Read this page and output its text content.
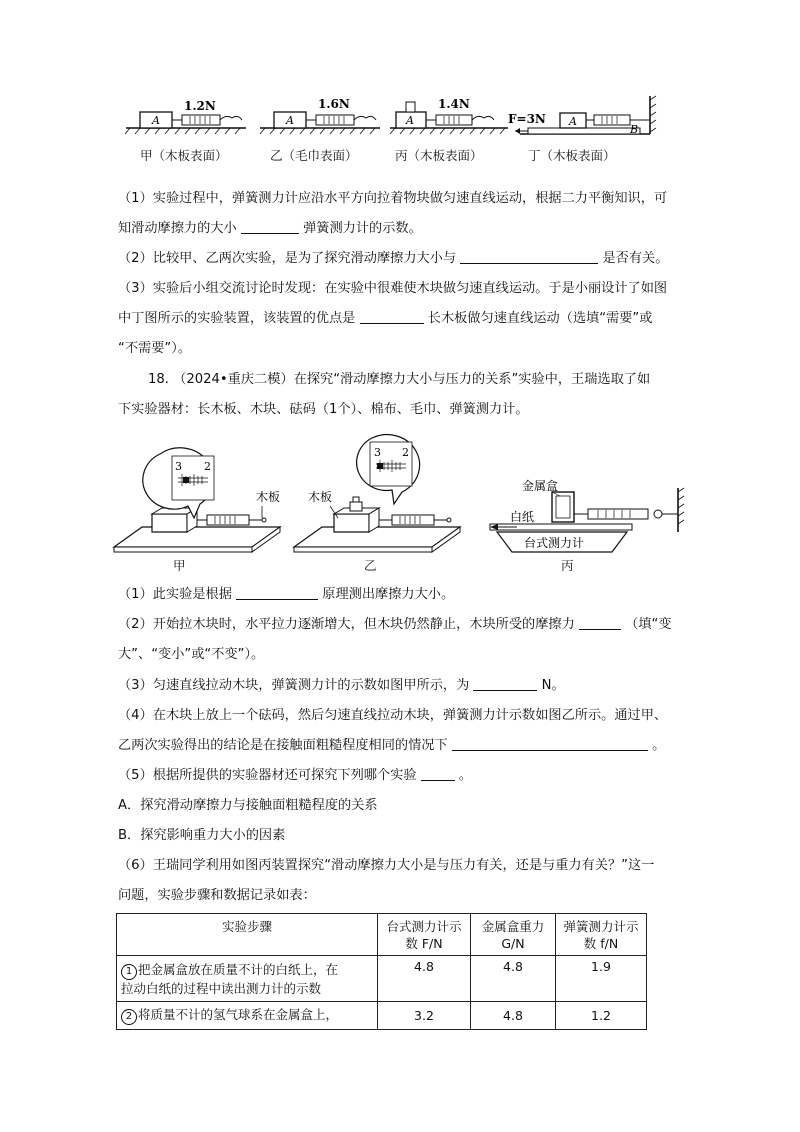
A
1.2N
A
1.6N
A
1.4N
F=3N A
B
甲（木板表面）	乙（毛巾表面）	丙（木板表面）	丁（木板表面）
（1）实验过程中，弹簧测力计应沿水平方向拉着物块做匀速直线运动，根据二力平衡知识，可
知滑动摩擦力的大小	弹簧测力计的示数。
（2）比较甲、乙两次实验，是为了探究滑动摩擦力大小与	是否有关。
（3）实验后小组交流讨论时发现：在实验中很难使木块做匀速直线运动。于是小丽设计了如图
中丁图所示的实验装置，该装置的优点是	长木板做匀速直线运动（选填“需要”或
“不需要”）。
18. （2024•重庆二模）在探究“滑动摩擦力大小与压力的关系”实验中，王瑞选取了如
下实验器材：长木板、木块、砝码（1个）、棉布、毛巾、弹簧测力计。
3 2
木板
3 2
木板
金属盒
白纸
台式测力计
甲	乙	丙
（1）此实验是根据	原理测出摩擦力大小。
（2）开始拉木块时，水平拉力逐渐增大，但木块仍然静止，木块所受的摩擦力	（填“变
大”、“变小”或“不变”）。
（3）匀速直线拉动木块，弹簧测力计的示数如图甲所示，为	N。
（4）在木块上放上一个砝码，然后匀速直线拉动木块，弹簧测力计示数如图乙所示。通过甲、
乙两次实验得出的结论是在接触面粗糙程度相同的情况下	。
（5）根据所提供的实验器材还可探究下列哪个实验	。
A．探究滑动摩擦力与接触面粗糙程度的关系
B．探究影响重力大小的因素
（6）王瑞同学利用如图丙装置探究“滑动摩擦力大小是与压力有关，还是与重力有关？”这一
问题，实验步骤和数据记录如表：
实验步骤	台式测力计示
数 F/N	金属盒重力
G/N	弹簧测力计示
数 f/N
1 把金属盒放在质量不计的白纸上，在
拉动白纸的过程中读出测力计的示数	4.8	4.8	1.9
2 将质量不计的氢气球系在金属盒上，	3.2	4.8	1.2
